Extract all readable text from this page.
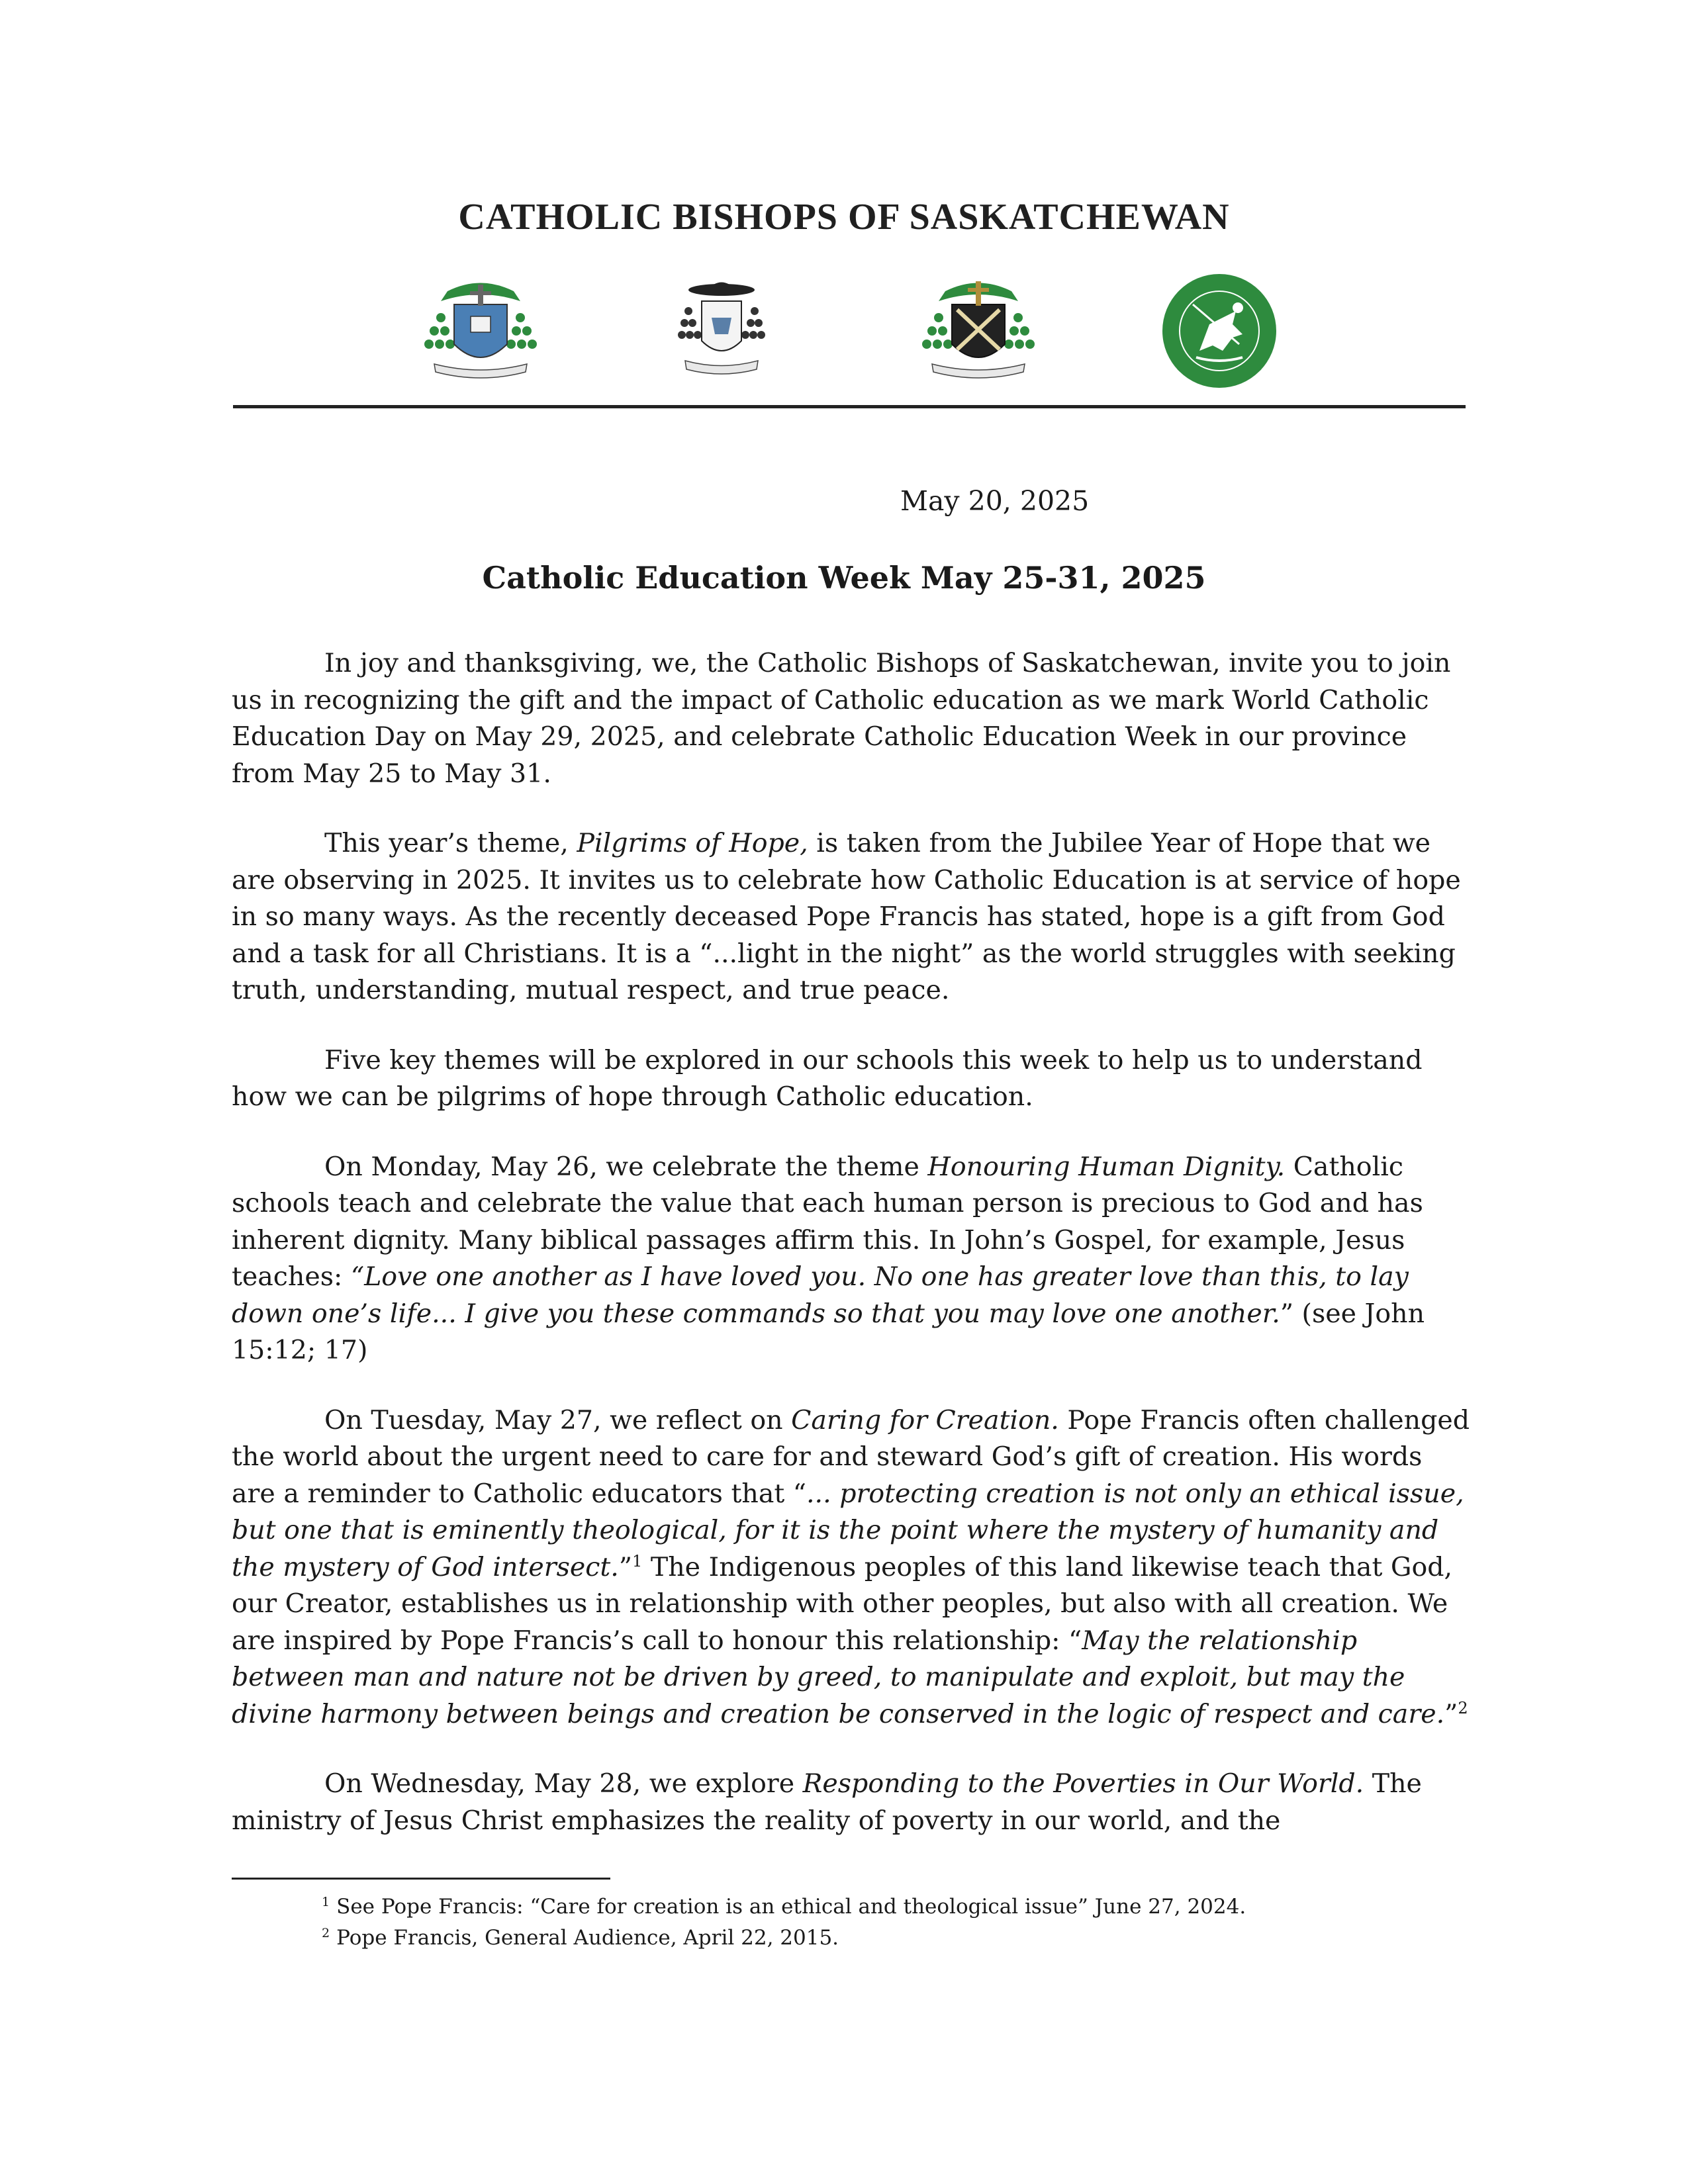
CATHOLIC BISHOPS OF SASKATCHEWAN

May 20, 2025

Catholic Education Week May 25-31, 2025

In joy and thanksgiving, we, the Catholic Bishops of Saskatchewan, invite you to join us in recognizing the gift and the impact of Catholic education as we mark World Catholic Education Day on May 29, 2025, and celebrate Catholic Education Week in our province from May 25 to May 31.

This year’s theme, Pilgrims of Hope, is taken from the Jubilee Year of Hope that we are observing in 2025. It invites us to celebrate how Catholic Education is at service of hope in so many ways. As the recently deceased Pope Francis has stated, hope is a gift from God and a task for all Christians. It is a “...light in the night” as the world struggles with seeking truth, understanding, mutual respect, and true peace.

Five key themes will be explored in our schools this week to help us to understand how we can be pilgrims of hope through Catholic education.

On Monday, May 26, we celebrate the theme Honouring Human Dignity. Catholic schools teach and celebrate the value that each human person is precious to God and has inherent dignity. Many biblical passages affirm this. In John’s Gospel, for example, Jesus teaches: “Love one another as I have loved you. No one has greater love than this, to lay down one’s life... I give you these commands so that you may love one another.” (see John 15:12; 17)

On Tuesday, May 27, we reflect on Caring for Creation. Pope Francis often challenged the world about the urgent need to care for and steward God’s gift of creation. His words are a reminder to Catholic educators that “... protecting creation is not only an ethical issue, but one that is eminently theological, for it is the point where the mystery of humanity and the mystery of God intersect.”$^1$ The Indigenous peoples of this land likewise teach that God, our Creator, establishes us in relationship with other peoples, but also with all creation. We are inspired by Pope Francis’s call to honour this relationship: “May the relationship between man and nature not be driven by greed, to manipulate and exploit, but may the divine harmony between beings and creation be conserved in the logic of respect and care.”$^2$

On Wednesday, May 28, we explore Responding to the Poverties in Our World. The ministry of Jesus Christ emphasizes the reality of poverty in our world, and the

$^1$ See Pope Francis: “Care for creation is an ethical and theological issue” June 27, 2024.
$^2$ Pope Francis, General Audience, April 22, 2015.
